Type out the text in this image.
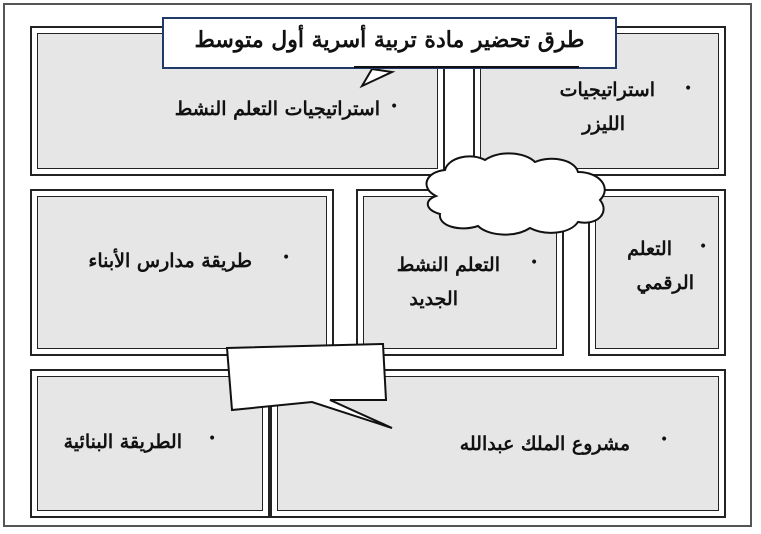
طرق تحضير مادة تربية أسرية أول متوسط
استراتيجيات التعلم النشط •
استراتيجيات
الليزر
•
طريقة مدارس الأبناء •	التعلم النشط
الجديد
•
التعلم
الرقمي
•
الطريقة البنائية •	مشروع الملك عبدالله •
